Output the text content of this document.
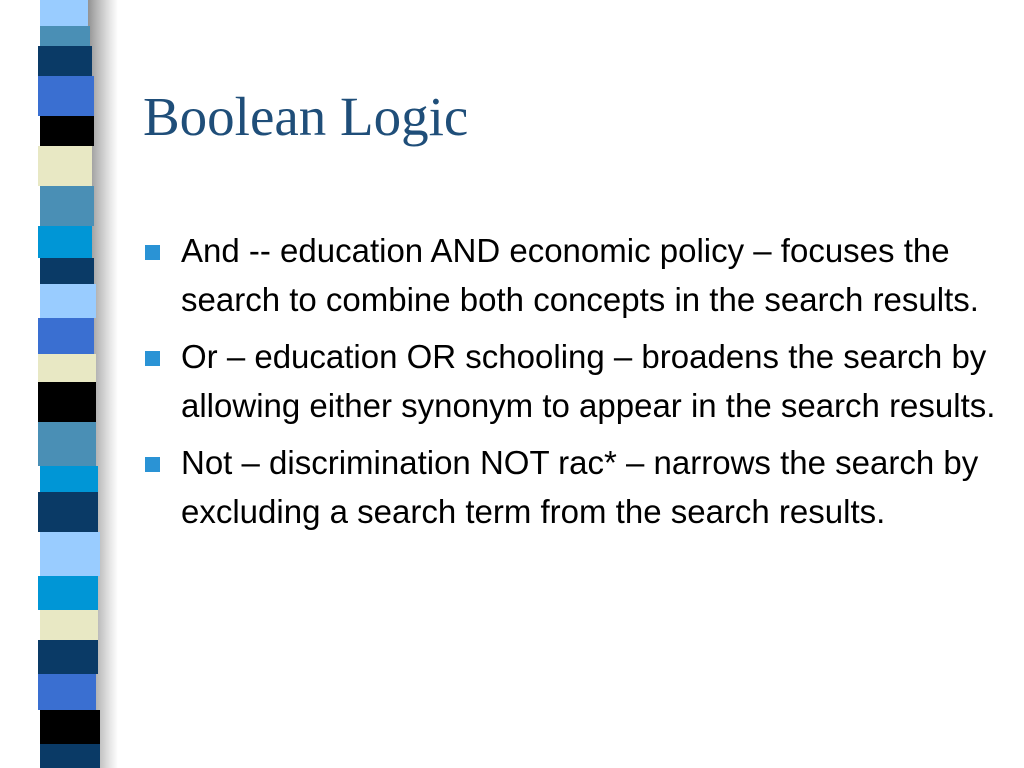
Boolean Logic
And -- education AND economic policy – focuses the search to combine both concepts in the search results.
Or – education OR schooling – broadens the search by allowing either synonym to appear in the search results.
Not – discrimination NOT rac* – narrows the search by excluding a search term from the search results.
